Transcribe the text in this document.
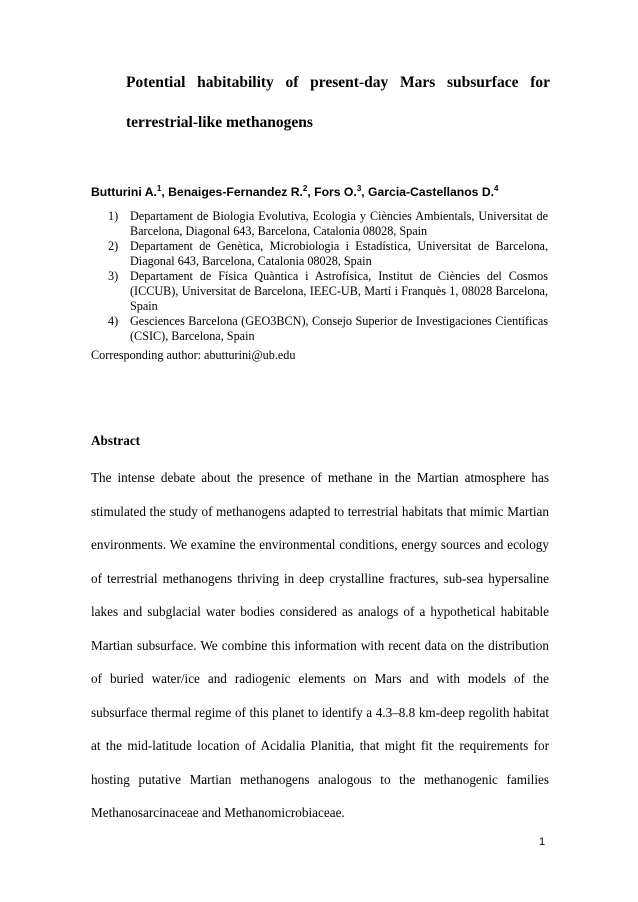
Potential habitability of present-day Mars subsurface for
terrestrial-like methanogens
Butturini A.$^1$, Benaiges-Fernandez R.$^2$, Fors O.$^3$, Garcia-Castellanos D.$^4$
1) Departament de Biologia Evolutiva, Ecologia y Ciències Ambientals, Universitat de Barcelona, Diagonal 643, Barcelona, Catalonia 08028, Spain
2) Departament de Genètica, Microbiologia i Estadística, Universitat de Barcelona, Diagonal 643, Barcelona, Catalonia 08028, Spain
3) Departament de Física Quàntica i Astrofísica, Institut de Ciències del Cosmos (ICCUB), Universitat de Barcelona, IEEC-UB, Martí i Franquès 1, 08028 Barcelona, Spain
4) Gesciences Barcelona (GEO3BCN), Consejo Superior de Investigaciones Científicas (CSIC), Barcelona, Spain
Corresponding author: abutturini@ub.edu
Abstract

The intense debate about the presence of methane in the Martian atmosphere has stimulated the study of methanogens adapted to terrestrial habitats that mimic Martian environments. We examine the environmental conditions, energy sources and ecology of terrestrial methanogens thriving in deep crystalline fractures, sub-sea hypersaline lakes and subglacial water bodies considered as analogs of a hypothetical habitable Martian subsurface. We combine this information with recent data on the distribution of buried water/ice and radiogenic elements on Mars and with models of the subsurface thermal regime of this planet to identify a 4.3–8.8 km-deep regolith habitat at the mid-latitude location of Acidalia Planitia, that might fit the requirements for hosting putative Martian methanogens analogous to the methanogenic families Methanosarcinaceae and Methanomicrobiaceae.

1
